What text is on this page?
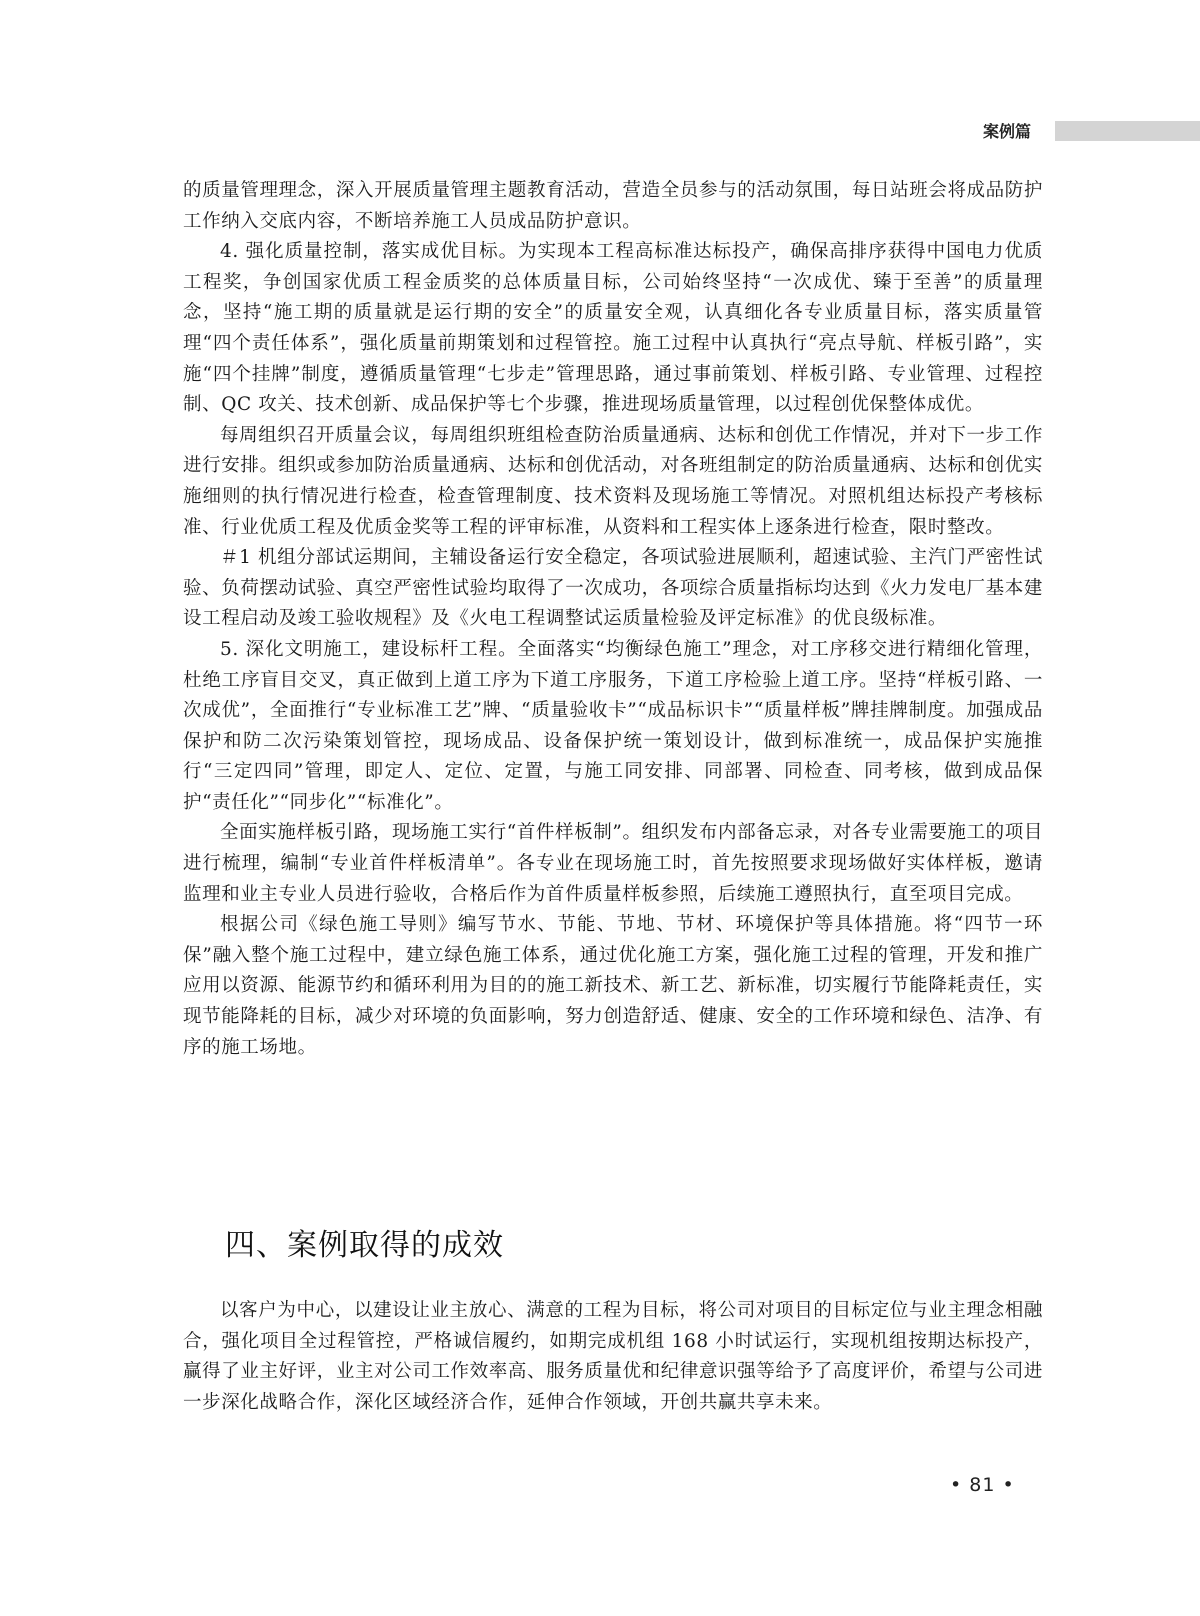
案例篇

的质量管理理念，深入开展质量管理主题教育活动，营造全员参与的活动氛围，每日站班会将成品防护工作纳入交底内容，不断培养施工人员成品防护意识。

4. 强化质量控制，落实成优目标。为实现本工程高标准达标投产，确保高排序获得中国电力优质工程奖，争创国家优质工程金质奖的总体质量目标，公司始终坚持“一次成优、臻于至善”的质量理念，坚持“施工期的质量就是运行期的安全”的质量安全观，认真细化各专业质量目标，落实质量管理“四个责任体系”，强化质量前期策划和过程管控。施工过程中认真执行“亮点导航、样板引路”，实施“四个挂牌”制度，遵循质量管理“七步走”管理思路，通过事前策划、样板引路、专业管理、过程控制、QC 攻关、技术创新、成品保护等七个步骤，推进现场质量管理，以过程创优保整体成优。

每周组织召开质量会议，每周组织班组检查防治质量通病、达标和创优工作情况，并对下一步工作进行安排。组织或参加防治质量通病、达标和创优活动，对各班组制定的防治质量通病、达标和创优实施细则的执行情况进行检查，检查管理制度、技术资料及现场施工等情况。对照机组达标投产考核标准、行业优质工程及优质金奖等工程的评审标准，从资料和工程实体上逐条进行检查，限时整改。

＃1 机组分部试运期间，主辅设备运行安全稳定，各项试验进展顺利，超速试验、主汽门严密性试验、负荷摆动试验、真空严密性试验均取得了一次成功，各项综合质量指标均达到《火力发电厂基本建设工程启动及竣工验收规程》及《火电工程调整试运质量检验及评定标准》的优良级标准。

5. 深化文明施工，建设标杆工程。全面落实“均衡绿色施工”理念，对工序移交进行精细化管理，杜绝工序盲目交叉，真正做到上道工序为下道工序服务，下道工序检验上道工序。坚持“样板引路、一次成优”，全面推行“专业标准工艺”牌、“质量验收卡”“成品标识卡”“质量样板”牌挂牌制度。加强成品保护和防二次污染策划管控，现场成品、设备保护统一策划设计，做到标准统一，成品保护实施推行“三定四同”管理，即定人、定位、定置，与施工同安排、同部署、同检查、同考核，做到成品保护“责任化”“同步化”“标准化”。

全面实施样板引路，现场施工实行“首件样板制”。组织发布内部备忘录，对各专业需要施工的项目进行梳理，编制“专业首件样板清单”。各专业在现场施工时，首先按照要求现场做好实体样板，邀请监理和业主专业人员进行验收，合格后作为首件质量样板参照，后续施工遵照执行，直至项目完成。

根据公司《绿色施工导则》编写节水、节能、节地、节材、环境保护等具体措施。将“四节一环保”融入整个施工过程中，建立绿色施工体系，通过优化施工方案，强化施工过程的管理，开发和推广应用以资源、能源节约和循环利用为目的的施工新技术、新工艺、新标准，切实履行节能降耗责任，实现节能降耗的目标，减少对环境的负面影响，努力创造舒适、健康、安全的工作环境和绿色、洁净、有序的施工场地。

四、案例取得的成效

以客户为中心，以建设让业主放心、满意的工程为目标，将公司对项目的目标定位与业主理念相融合，强化项目全过程管控，严格诚信履约，如期完成机组 168 小时试运行，实现机组按期达标投产，赢得了业主好评，业主对公司工作效率高、服务质量优和纪律意识强等给予了高度评价，希望与公司进一步深化战略合作，深化区域经济合作，延伸合作领域，开创共赢共享未来。

• 81 •
